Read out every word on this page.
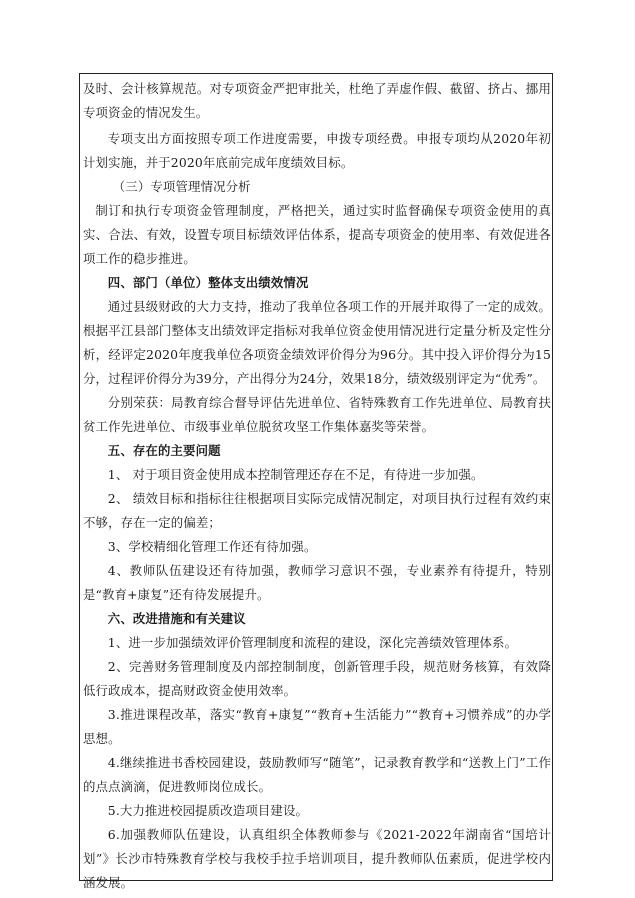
及时、会计核算规范。对专项资金严把审批关，杜绝了弄虚作假、截留、挤占、挪用专项资金的情况发生。

专项支出方面按照专项工作进度需要，申拨专项经费。申报专项均从2020年初计划实施，并于2020年底前完成年度绩效目标。

（三）专项管理情况分析

制订和执行专项资金管理制度，严格把关，通过实时监督确保专项资金使用的真实、合法、有效，设置专项目标绩效评估体系，提高专项资金的使用率、有效促进各项工作的稳步推进。

四、部门（单位）整体支出绩效情况

通过县级财政的大力支持，推动了我单位各项工作的开展并取得了一定的成效。根据平江县部门整体支出绩效评定指标对我单位资金使用情况进行定量分析及定性分析，经评定2020年度我单位各项资金绩效评价得分为96分。其中投入评价得分为15分，过程评价得分为39分，产出得分为24分，效果18分，绩效级别评定为“优秀”。

分别荣获：局教育综合督导评估先进单位、省特殊教育工作先进单位、局教育扶贫工作先进单位、市级事业单位脱贫攻坚工作集体嘉奖等荣誉。

五、存在的主要问题

1、 对于项目资金使用成本控制管理还存在不足，有待进一步加强。

2、 绩效目标和指标往往根据项目实际完成情况制定，对项目执行过程有效约束不够，存在一定的偏差；

3、学校精细化管理工作还有待加强。

4、教师队伍建设还有待加强，教师学习意识不强，专业素养有待提升，特别是“教育+康复”还有待发展提升。

六、改进措施和有关建议

1、进一步加强绩效评价管理制度和流程的建设，深化完善绩效管理体系。

2、完善财务管理制度及内部控制制度，创新管理手段，规范财务核算，有效降低行政成本，提高财政资金使用效率。

3.推进课程改革，落实“教育+康复”“教育+生活能力”“教育+习惯养成”的办学思想。

4.继续推进书香校园建设，鼓励教师写“随笔”，记录教育教学和“送教上门”工作的点点滴滴，促进教师岗位成长。

5.大力推进校园提质改造项目建设。

6.加强教师队伍建设，认真组织全体教师参与《2021-2022年湖南省“国培计划”》长沙市特殊教育学校与我校手拉手培训项目，提升教师队伍素质，促进学校内涵发展。
